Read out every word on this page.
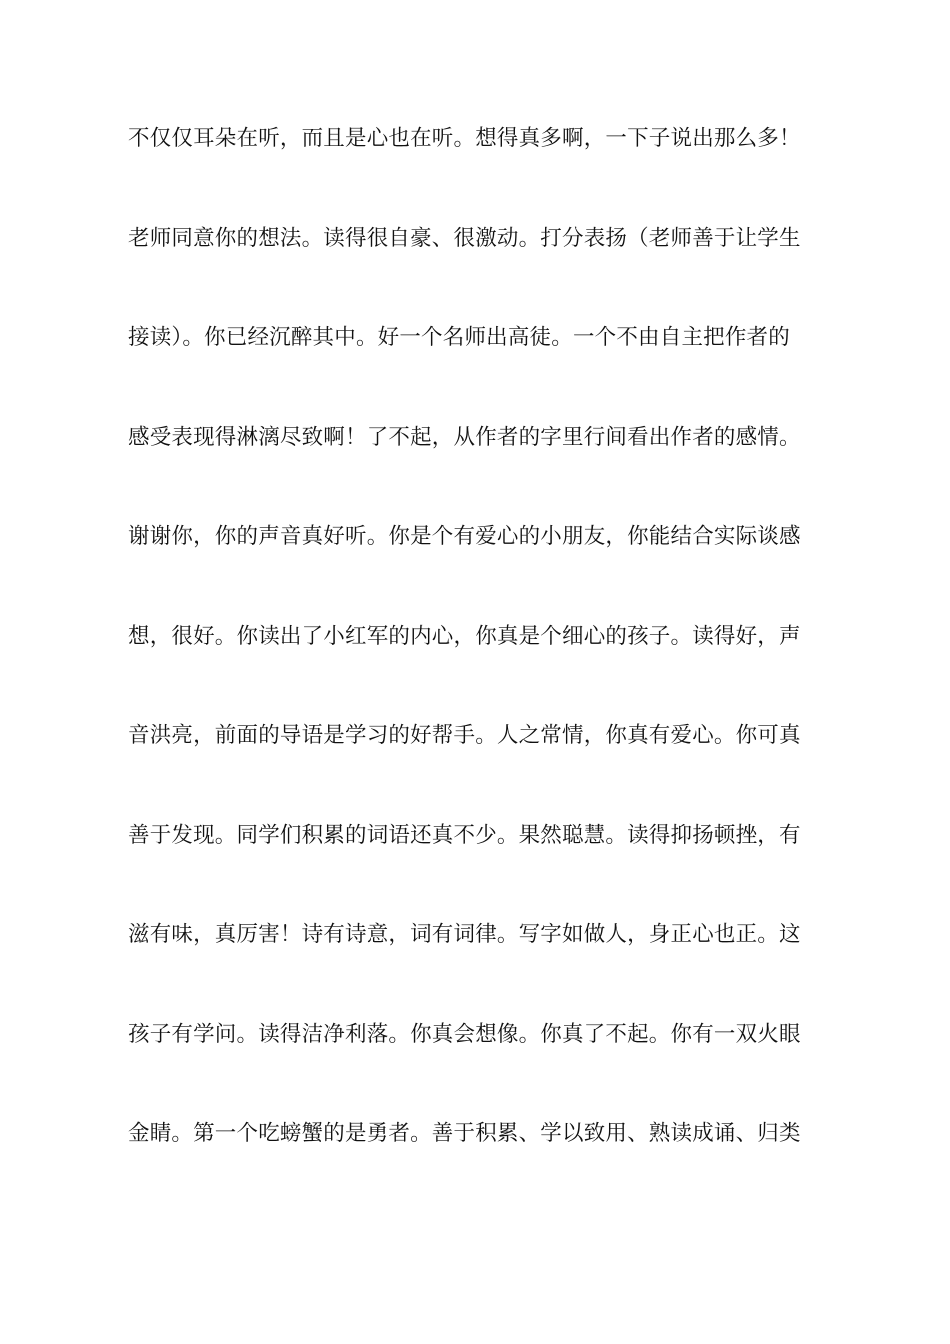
不仅仅耳朵在听，而且是心也在听。想得真多啊，一下子说出那么多！
老师同意你的想法。读得很自豪、很激动。打分表扬（老师善于让学生
接读）。你已经沉醉其中。好一个名师出高徒。一个不由自主把作者的
感受表现得淋漓尽致啊！了不起，从作者的字里行间看出作者的感情。
谢谢你，你的声音真好听。你是个有爱心的小朋友，你能结合实际谈感
想，很好。你读出了小红军的内心，你真是个细心的孩子。读得好，声
音洪亮，前面的导语是学习的好帮手。人之常情，你真有爱心。你可真
善于发现。同学们积累的词语还真不少。果然聪慧。读得抑扬顿挫，有
滋有味，真厉害！诗有诗意，词有词律。写字如做人，身正心也正。这
孩子有学问。读得洁净利落。你真会想像。你真了不起。你有一双火眼
金睛。第一个吃螃蟹的是勇者。善于积累、学以致用、熟读成诵、归类
